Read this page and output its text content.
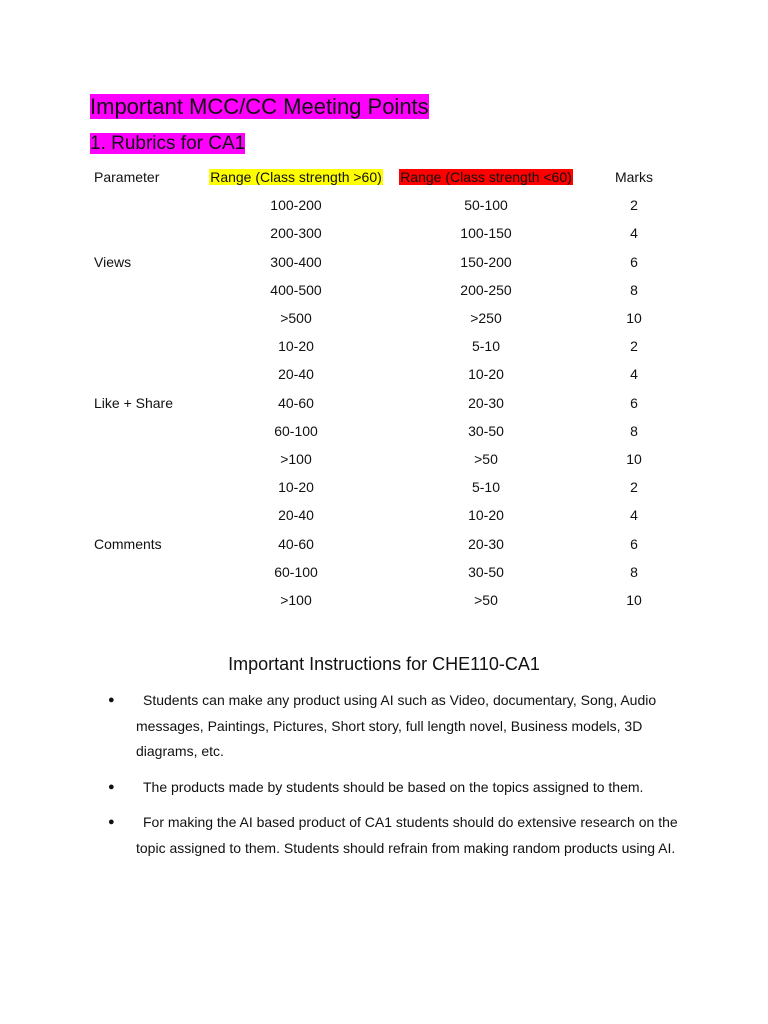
Important MCC/CC Meeting Points
1. Rubrics for CA1
Parameter	Range (Class strength >60)	Range (Class strength <60)	Marks
	100-200	50-100	2
	200-300	100-150	4
Views	300-400	150-200	6
	400-500	200-250	8
	>500	>250	10
	10-20	5-10	2
	20-40	10-20	4
Like + Share	40-60	20-30	6
	60-100	30-50	8
	>100	>50	10
	10-20	5-10	2
	20-40	10-20	4
Comments	40-60	20-30	6
	60-100	30-50	8
	>100	>50	10
Important Instructions for CHE110-CA1
●	Students can make any product using AI such as Video, documentary, Song, Audio messages, Paintings, Pictures, Short story, full length novel, Business models, 3D diagrams, etc.
●	The products made by students should be based on the topics assigned to them.
●	For making the AI based product of CA1 students should do extensive research on the topic assigned to them. Students should refrain from making random products using AI.
